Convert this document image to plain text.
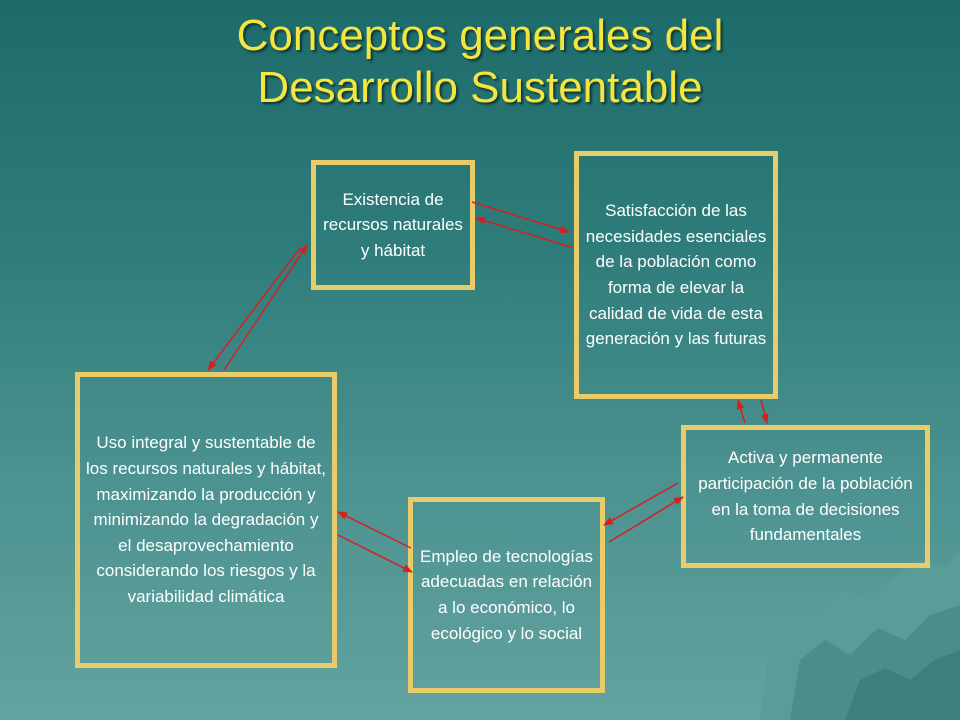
Conceptos generales del
Desarrollo Sustentable
Existencia de recursos naturales y hábitat
Satisfacción de las necesidades esenciales de la población como forma de elevar la calidad de vida de esta generación y las futuras
Activa y permanente participación de la población en la toma de decisiones fundamentales
Empleo de tecnologías adecuadas en relación a lo económico, lo ecológico y lo social
Uso integral y sustentable de los recursos naturales y hábitat, maximizando la producción y minimizando la degradación y el desaprovechamiento considerando los riesgos y la variabilidad climática
